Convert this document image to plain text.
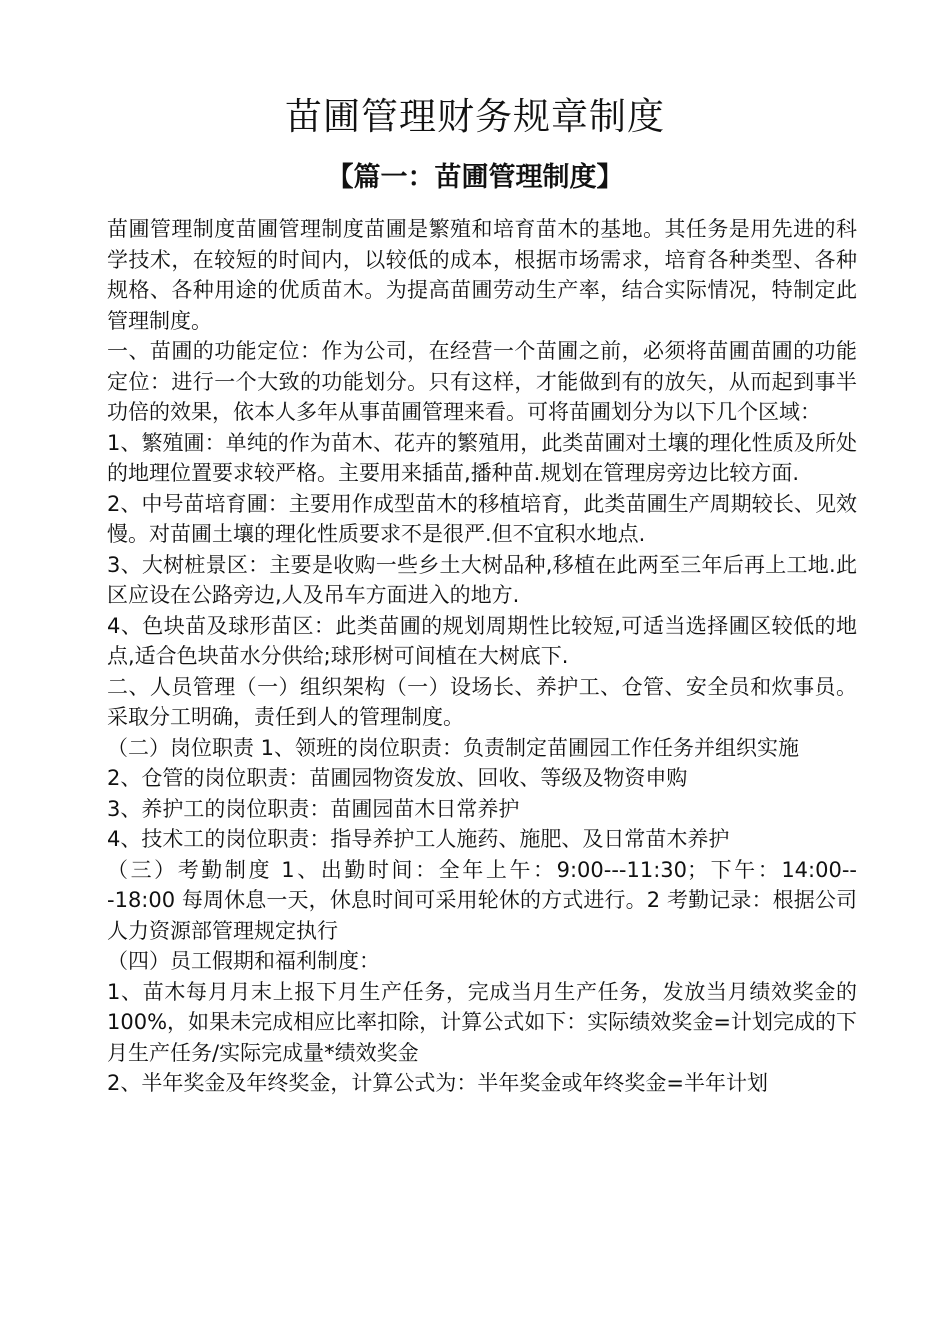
苗圃管理财务规章制度
【篇一：苗圃管理制度】

苗圃管理制度苗圃管理制度苗圃是繁殖和培育苗木的基地。其任务是用先进的科学技术，在较短的时间内，以较低的成本，根据市场需求，培育各种类型、各种规格、各种用途的优质苗木。为提高苗圃劳动生产率，结合实际情况，特制定此管理制度。

一、苗圃的功能定位：作为公司，在经营一个苗圃之前，必须将苗圃苗圃的功能定位：进行一个大致的功能划分。只有这样，才能做到有的放矢，从而起到事半功倍的效果，依本人多年从事苗圃管理来看。可将苗圃划分为以下几个区域：

1、繁殖圃：单纯的作为苗木、花卉的繁殖用，此类苗圃对土壤的理化性质及所处的地理位置要求较严格。主要用来插苗,播种苗.规划在管理房旁边比较方面.

2、中号苗培育圃：主要用作成型苗木的移植培育，此类苗圃生产周期较长、见效慢。对苗圃土壤的理化性质要求不是很严.但不宜积水地点.

3、大树桩景区：主要是收购一些乡土大树品种,移植在此两至三年后再上工地.此区应设在公路旁边,人及吊车方面进入的地方.

4、色块苗及球形苗区：此类苗圃的规划周期性比较短,可适当选择圃区较低的地点,适合色块苗水分供给;球形树可间植在大树底下.

二、人员管理（一）组织架构（一）设场长、养护工、仓管、安全员和炊事员。采取分工明确，责任到人的管理制度。

（二）岗位职责 1、领班的岗位职责：负责制定苗圃园工作任务并组织实施

2、仓管的岗位职责：苗圃园物资发放、回收、等级及物资申购

3、养护工的岗位职责：苗圃园苗木日常养护

4、技术工的岗位职责：指导养护工人施药、施肥、及日常苗木养护

（三）考勤制度 1、出勤时间：全年上午：9:00---11:30；下午：14:00---18:00 每周休息一天，休息时间可采用轮休的方式进行。2 考勤记录：根据公司人力资源部管理规定执行

（四）员工假期和福利制度：

1、苗木每月月末上报下月生产任务，完成当月生产任务，发放当月绩效奖金的 100%，如果未完成相应比率扣除，计算公式如下：实际绩效奖金=计划完成的下月生产任务/实际完成量*绩效奖金

2、半年奖金及年终奖金，计算公式为：半年奖金或年终奖金=半年计划
